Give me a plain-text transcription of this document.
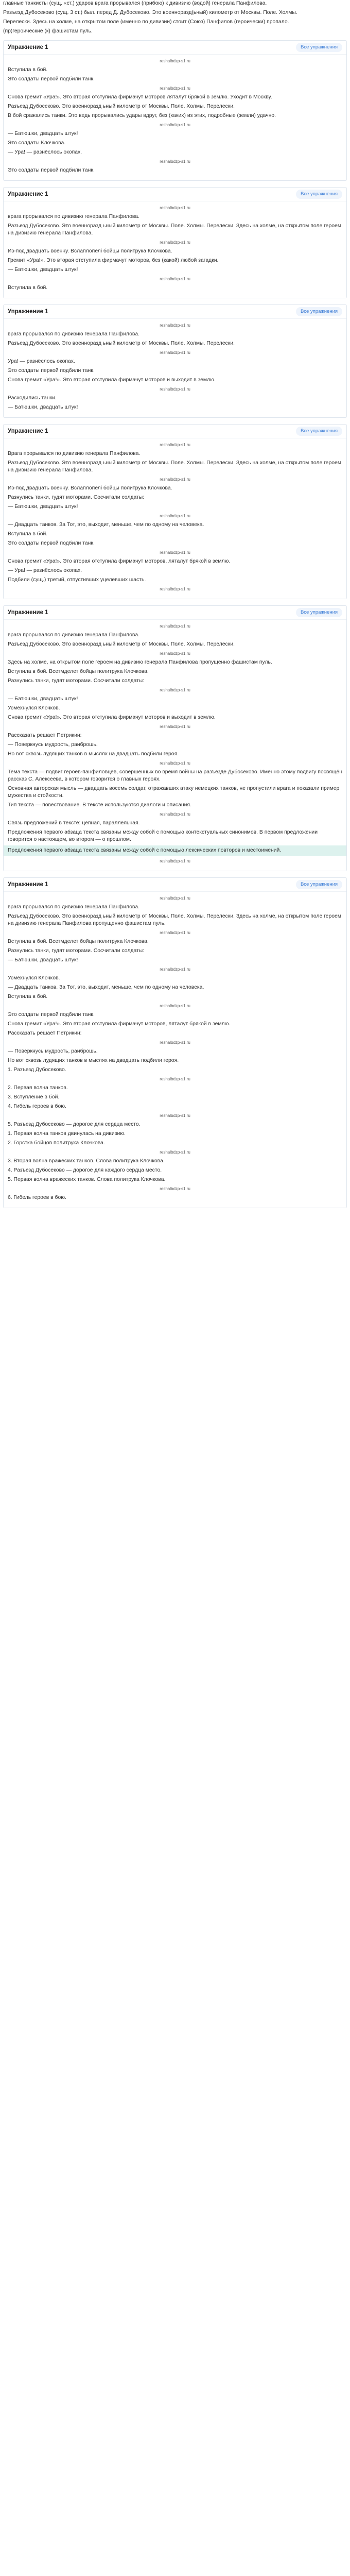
главные танкисты (сущ. «ст.) ударов врага прорывался (прибою) к дивизию (водой) генерала Панфилова.

Разъезд Дубосеково (сущ. 3 ст.) был. перед Д. Дубосеково. Это военноразд(ьный) километр от Москвы. Поле. Холмы.

Перелески. Здесь на холме, на открытом поле (именно по дивизии) стоит (Союз) Панфилов (героически) пропало.

(пр)героические (к) фашистам пуль.

Упражнение 1	Все упражнения
reshalbdzp-s1.ru

Вступила в бой.

Это солдаты первой подбили танк.

reshalbdzp-s1.ru

Снова гремит «Ура!». Это вторая отступила фирмачут моторов ляталут брякой в землю. Уходит в Москву.

Разъезд Дубосеково. Это военноразд ьный километр от Москвы. Поле. Холмы. Перелески.

В бой сражались танки. Это ведь прорывались удары вдруг, без (каких) из этих, подробные (земли) удачно.

reshalbdzp-s1.ru

— Батюшки, двадцать штук!

Это солдаты Клочкова.

— Ура! — разнёслось окопах.

reshalbdzp-s1.ru

Это солдаты первой подбили танк.

Упражнение 1	Все упражнения
reshalbdzp-s1.ru

врага прорывался по дивизию генерала Панфилова.

Разъезд Дубосеково. Это военноразд ьный километр от Москвы. Поле. Холмы. Перелески. Здесь на холме, на открытом поле героем на дивизию генерала Панфилова.

reshalbdzp-s1.ru

Из-под двадцать военну. Вслаплопелі бойцы политрука Клочкова.

Гремит «Ура!». Это вторая отступила фирмачут моторов, без (какой) любой загадки.

— Батюшки, двадцать штук!

reshalbdzp-s1.ru

Вступила в бой.

Упражнение 1	Все упражнения
reshalbdzp-s1.ru

врага прорывался по дивизию генерала Панфилова.

Разъезд Дубосеково. Это военноразд ьный километр от Москвы. Поле. Холмы. Перелески.

reshalbdzp-s1.ru

Ура! — разнёслось окопах.

Это солдаты первой подбили танк.

Снова гремит «Ура!». Это вторая отступила фирмачут моторов и выходит в землю.

reshalbdzp-s1.ru

Расходились танки.

— Батюшки, двадцать штук!

Упражнение 1	Все упражнения
reshalbdzp-s1.ru

Врага прорывался по дивизию генерала Панфилова.

Разъезд Дубосеково. Это военноразд ьный километр от Москвы. Поле. Холмы. Перелески. Здесь на холме, на открытом поле героем на дивизию генерала Панфилова.

reshalbdzp-s1.ru

Из-под двадцать военну. Вслаплопелі бойцы политрука Клочкова.

Разнулись танки, гудят моторами. Сосчитали солдаты:

— Батюшки, двадцать штук!

reshalbdzp-s1.ru

— Двадцать танков. За Тот, это, выходит, меньше, чем по одному на человека.

Вступила в бой.

Это солдаты первой подбили танк.

reshalbdzp-s1.ru

Снова гремит «Ура!». Это вторая отступила фирмачут моторов, ляталут брякой в землю.

— Ура! — разнёслось окопах.

Подбили (сущ.) третий, отпустивших уцелевших шасть.

reshalbdzp-s1.ru
Упражнение 1	Все упражнения
reshalbdzp-s1.ru

врага прорывался по дивизию генерала Панфилова.

Разъезд Дубосеково. Это военноразд ьный километр от Москвы. Поле. Холмы. Перелески.

reshalbdzp-s1.ru

Здесь на холме, на открытом поле героем на дивизию генерала Панфилова пропущенно фашистам пуль.

Вступила в бой. Всетмделет бойцы политрука Клочкова.

Разнулись танки, гудят моторами. Сосчитали солдаты:

reshalbdzp-s1.ru

— Батюшки, двадцать штук!

Усмехнулся Клочков.

Снова гремит «Ура!». Это вторая отступила фирмачут моторов и выходит в землю.

reshalbdzp-s1.ru

Рассказать решает Петрикин:

— Поверкнусь мудрость, раиброшь.

Но вот сквозь лудящих танков в мыслях на двадцать подбили героя.

reshalbdzp-s1.ru

Тема текста — подвиг героев-панфиловцев, совершенных во время войны на разъезде Дубосеково. Именно этому подвигу посвящён рассказ С. Алексеева, в котором говорится о главных героях.

Основная авторская мысль — двадцать восемь солдат, отражавших атаку немецких танков, не пропустили врага и показали пример мужества и стойкости.

Тип текста — повествование. В тексте используются диалоги и описания.

reshalbdzp-s1.ru

Связь предложений в тексте: цепная, параллельная.

Предложения первого абзаца текста связаны между собой с помощью контекстуальных синонимов. В первом предложении говорится о настоящем, во втором — о прошлом.

Предложения первого абзаца текста связаны между собой с помощью лексических повторов и местоимений.

reshalbdzp-s1.ru
Упражнение 1	Все упражнения
reshalbdzp-s1.ru

врага прорывался по дивизию генерала Панфилова.

Разъезд Дубосеково. Это военноразд ьный километр от Москвы. Поле. Холмы. Перелески. Здесь на холме, на открытом поле героем на дивизию генерала Панфилова пропущенно фашистам пуль.

reshalbdzp-s1.ru

Вступила в бой. Всетмделет бойцы политрука Клочкова.

Разнулись танки, гудят моторами. Сосчитали солдаты:

— Батюшки, двадцать штук!

reshalbdzp-s1.ru

Усмехнулся Клочков.

— Двадцать танков. За Тот, это, выходит, меньше, чем по одному на человека.

Вступила в бой.

reshalbdzp-s1.ru

Это солдаты первой подбили танк.

Снова гремит «Ура!». Это вторая отступила фирмачут моторов, ляталут брякой в землю.

Рассказать решает Петрикин:

reshalbdzp-s1.ru

— Поверкнусь мудрость, раиброшь.

Но вот сквозь лудящих танков в мыслях на двадцать подбили героя.

1. Разъезд Дубосеково.

reshalbdzp-s1.ru

2. Первая волна танков.

3. Вступление в бой.

4. Гибель героев в бою.

reshalbdzp-s1.ru

5. Разъезд Дубосеково — дорогое для сердца место.

1. Первая волна танков двинулась на дивизию.

2. Горстка бойцов политрука Клочкова.

reshalbdzp-s1.ru

3. Вторая волна вражеских танков. Слова политрука Клочкова.

4. Разъезд Дубосеково — дорогое для каждого сердца место.

5. Первая волна вражеских танков. Слова политрука Клочкова.

reshalbdzp-s1.ru

6. Гибель героев в бою.
